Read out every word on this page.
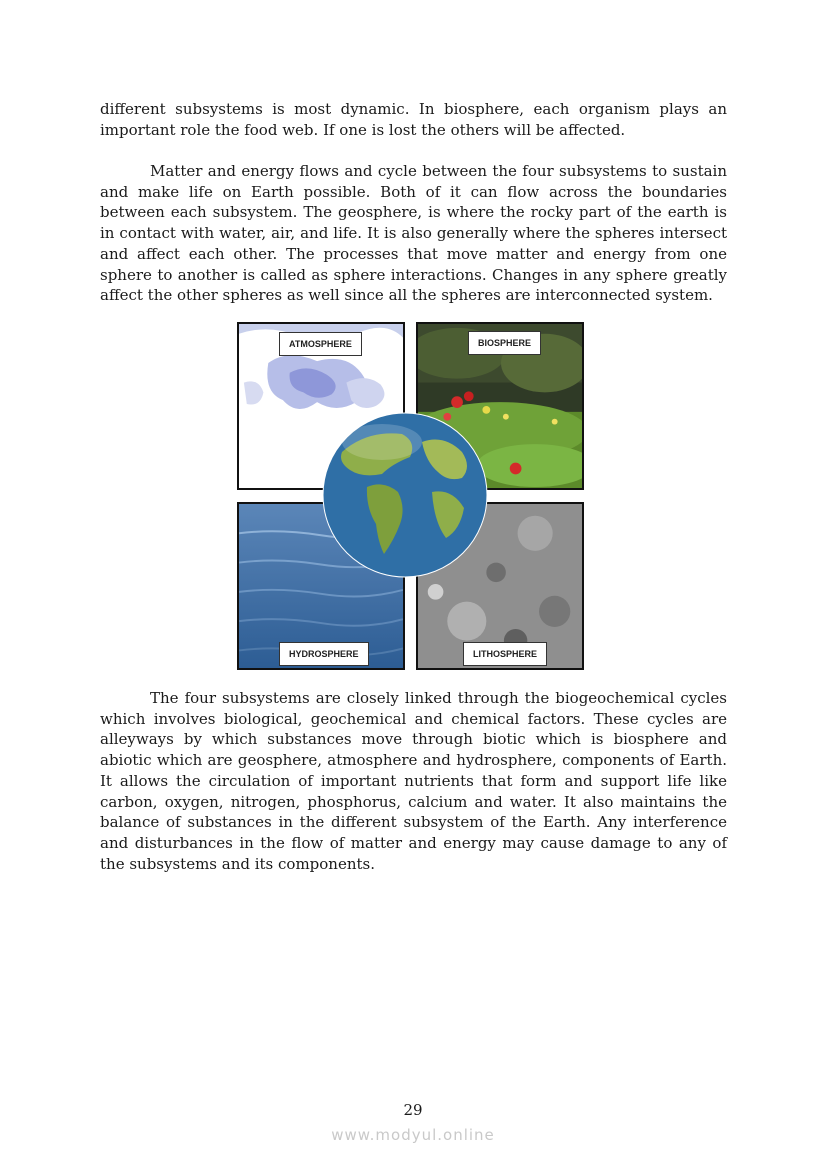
different subsystems is most dynamic. In biosphere, each organism plays an important role the food web. If one is lost the others will be affected.

Matter and energy flows and cycle between the four subsystems to sustain and make life on Earth possible. Both of it can flow across the boundaries between each subsystem. The geosphere, is where the rocky part of the earth is in contact with water, air, and life. It is also generally where the spheres intersect and affect each other. The processes that move matter and energy from one sphere to another is called as sphere interactions. Changes in any sphere greatly affect the other spheres as well since all the spheres are interconnected system.

ATMOSPHERE	BIOSPHERE
HYDROSPHERE	LITHOSPHERE

The four subsystems are closely linked through the biogeochemical cycles which involves biological, geochemical and chemical factors. These cycles are alleyways by which substances move through biotic which is biosphere and abiotic which are geosphere, atmosphere and hydrosphere, components of Earth. It allows the circulation of important nutrients that form and support life like carbon, oxygen, nitrogen, phosphorus, calcium and water. It also maintains the balance of substances in the different subsystem of the Earth. Any interference and disturbances in the flow of matter and energy may cause damage to any of the subsystems and its components.

29
www.modyul.online
